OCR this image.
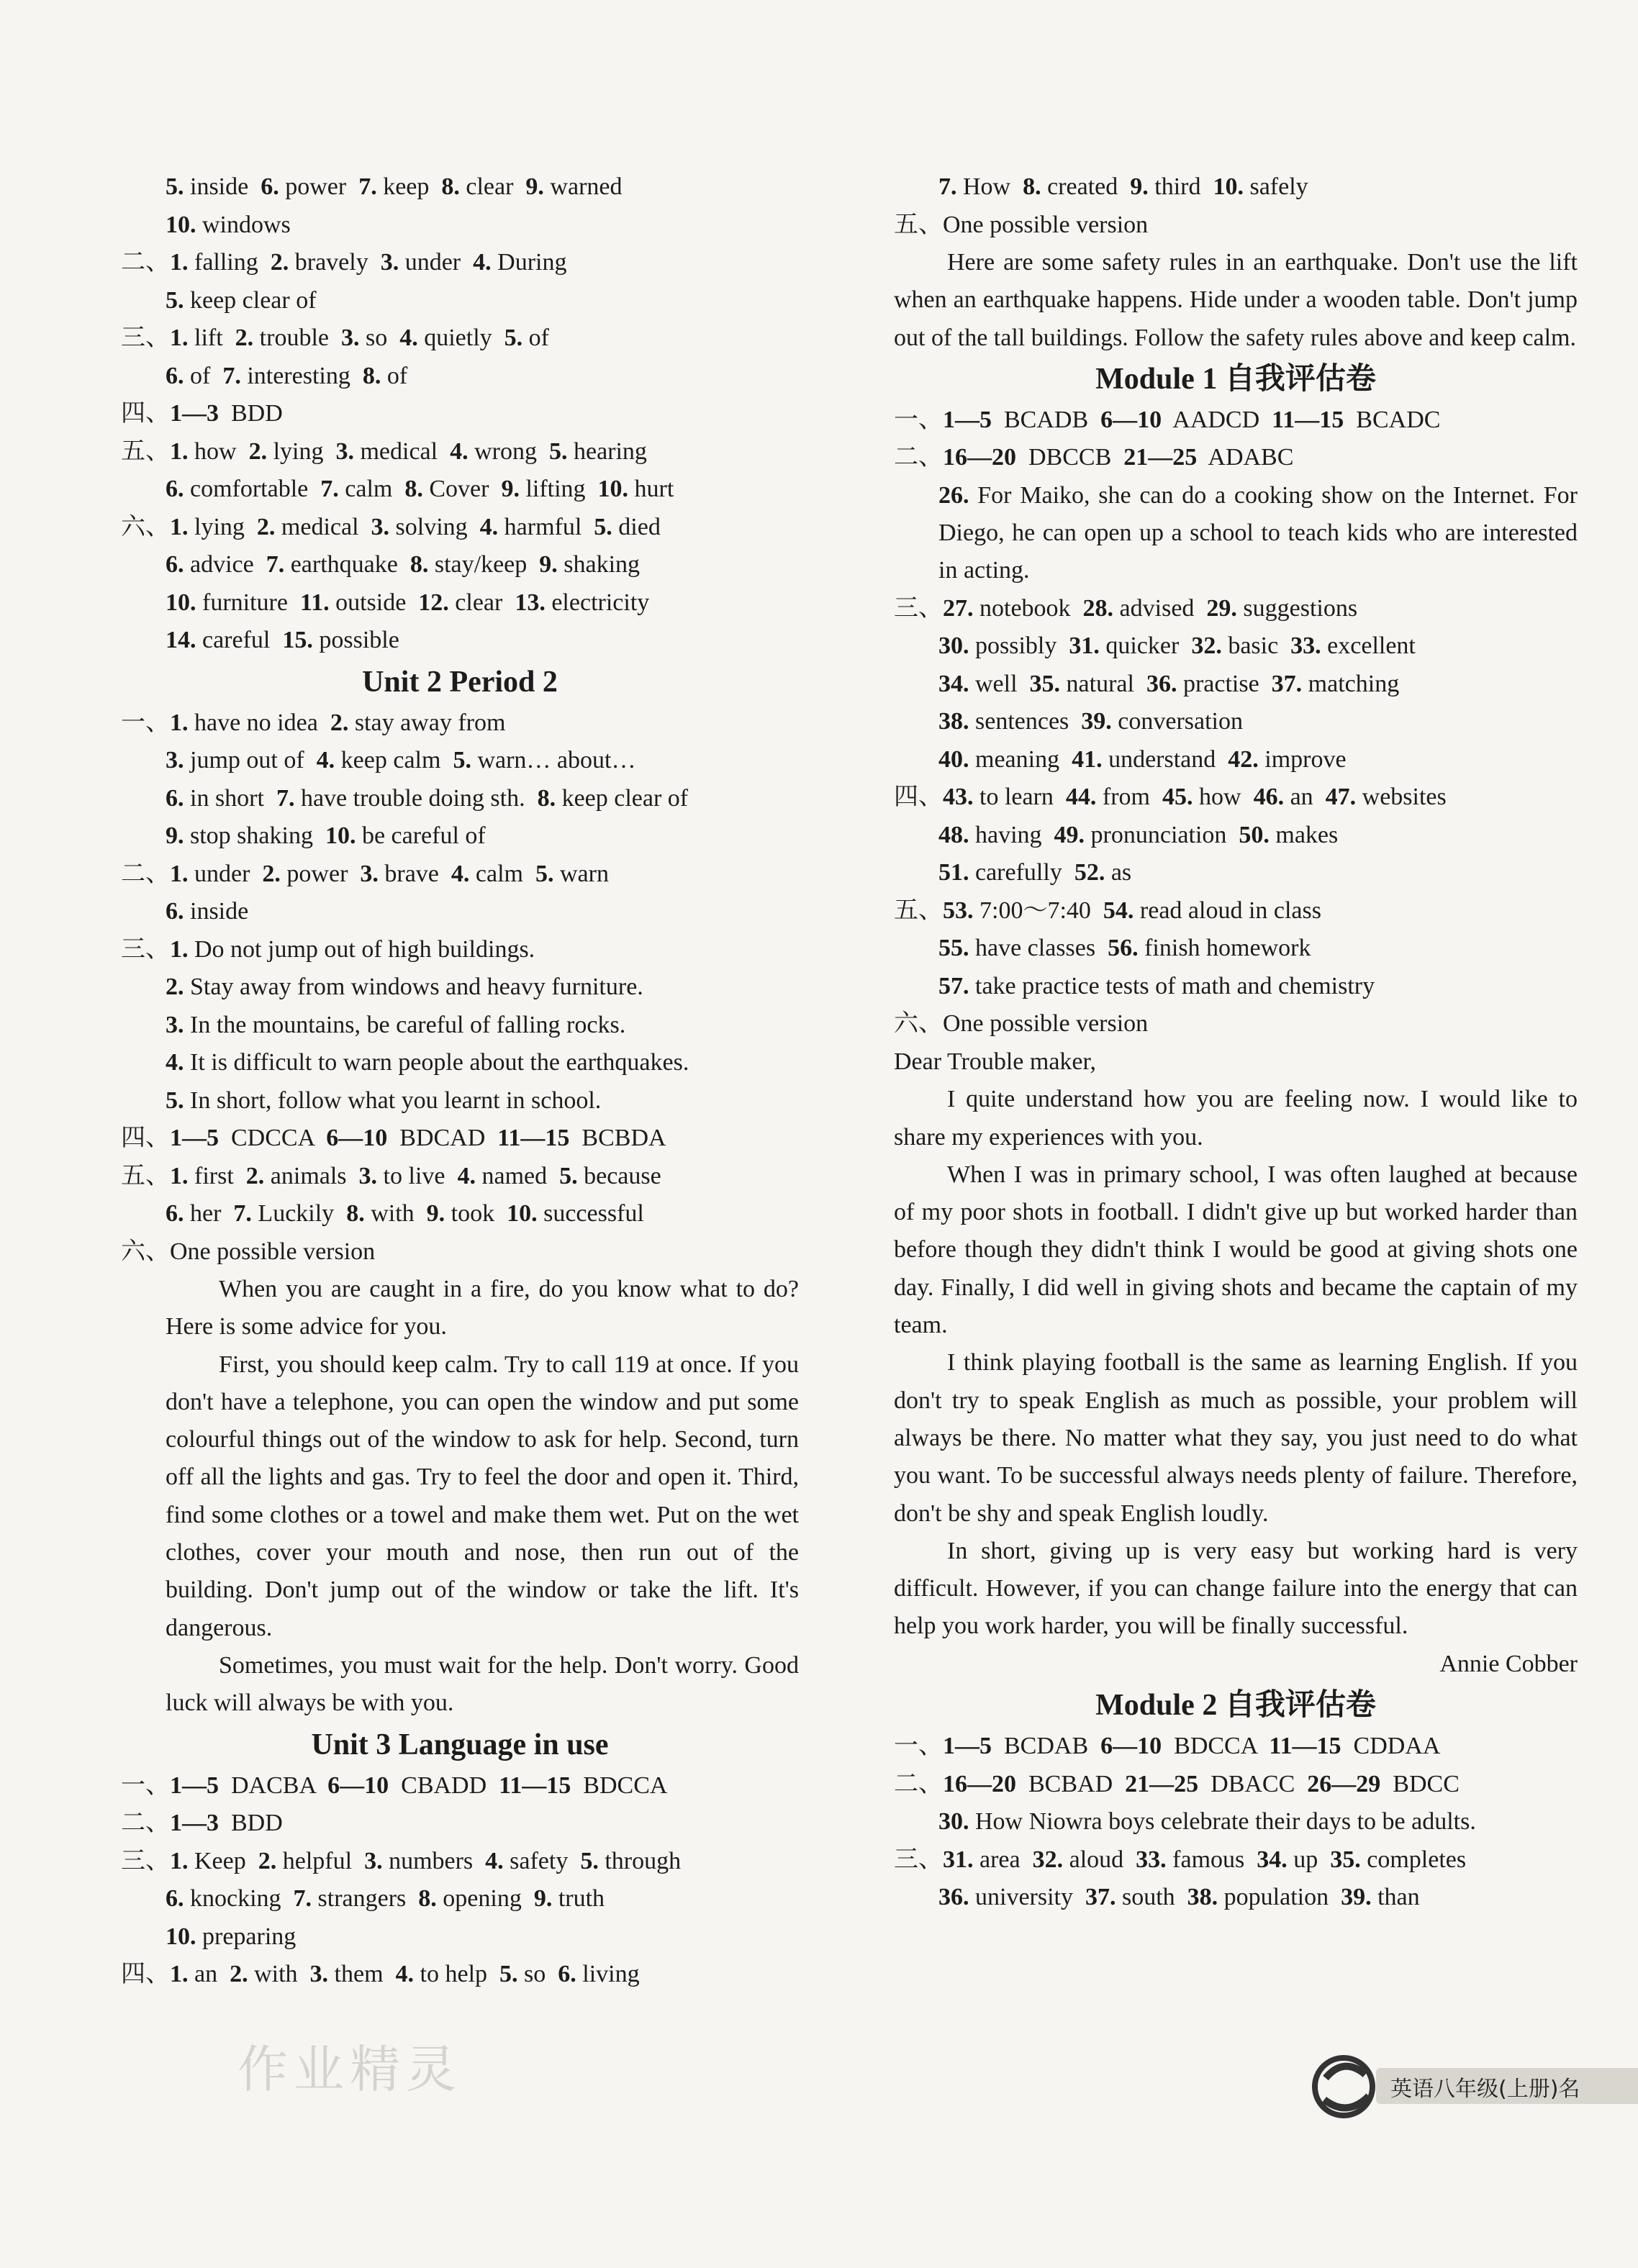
5. inside  6. power  7. keep  8. clear  9. warned
10. windows
二、1. falling  2. bravely  3. under  4. During
5. keep clear of
三、1. lift  2. trouble  3. so  4. quietly  5. of
6. of  7. interesting  8. of
四、1—3  BDD
五、1. how  2. lying  3. medical  4. wrong  5. hearing
6. comfortable  7. calm  8. Cover  9. lifting  10. hurt
六、1. lying  2. medical  3. solving  4. harmful  5. died
6. advice  7. earthquake  8. stay/keep  9. shaking
10. furniture  11. outside  12. clear  13. electricity
14. careful  15. possible
Unit 2 Period 2
一、1. have no idea  2. stay away from
3. jump out of  4. keep calm  5. warn… about…
6. in short  7. have trouble doing sth.  8. keep clear of
9. stop shaking  10. be careful of
二、1. under  2. power  3. brave  4. calm  5. warn
6. inside
三、1. Do not jump out of high buildings.
2. Stay away from windows and heavy furniture.
3. In the mountains, be careful of falling rocks.
4. It is difficult to warn people about the earthquakes.
5. In short, follow what you learnt in school.
四、1—5  CDCCA  6—10  BDCAD  11—15  BCBDA
五、1. first  2. animals  3. to live  4. named  5. because
6. her  7. Luckily  8. with  9. took  10. successful
六、One possible version
When you are caught in a fire, do you know what to do? Here is some advice for you.
First, you should keep calm. Try to call 119 at once. If you don't have a telephone, you can open the window and put some colourful things out of the window to ask for help. Second, turn off all the lights and gas. Try to feel the door and open it. Third, find some clothes or a towel and make them wet. Put on the wet clothes, cover your mouth and nose, then run out of the building. Don't jump out of the window or take the lift. It's dangerous.
Sometimes, you must wait for the help. Don't worry. Good luck will always be with you.
Unit 3 Language in use
一、1—5  DACBA  6—10  CBADD  11—15  BDCCA
二、1—3  BDD
三、1. Keep  2. helpful  3. numbers  4. safety  5. through
6. knocking  7. strangers  8. opening  9. truth
10. preparing
四、1. an  2. with  3. them  4. to help  5. so  6. living
7. How  8. created  9. third  10. safely
五、One possible version
Here are some safety rules in an earthquake. Don't use the lift when an earthquake happens. Hide under a wooden table. Don't jump out of the tall buildings. Follow the safety rules above and keep calm.
Module 1 自我评估卷
一、1—5  BCADB  6—10  AADCD  11—15  BCADC
二、16—20  DBCCB  21—25  ADABC
26. For Maiko, she can do a cooking show on the Internet. For Diego, he can open up a school to teach kids who are interested in acting.
三、27. notebook  28. advised  29. suggestions
30. possibly  31. quicker  32. basic  33. excellent
34. well  35. natural  36. practise  37. matching
38. sentences  39. conversation
40. meaning  41. understand  42. improve
四、43. to learn  44. from  45. how  46. an  47. websites
48. having  49. pronunciation  50. makes
51. carefully  52. as
五、53. 7:00～7:40  54. read aloud in class
55. have classes  56. finish homework
57. take practice tests of math and chemistry
六、One possible version
Dear Trouble maker,
I quite understand how you are feeling now. I would like to share my experiences with you.
When I was in primary school, I was often laughed at because of my poor shots in football. I didn't give up but worked harder than before though they didn't think I would be good at giving shots one day. Finally, I did well in giving shots and became the captain of my team.
I think playing football is the same as learning English. If you don't try to speak English as much as possible, your problem will always be there. No matter what they say, you just need to do what you want. To be successful always needs plenty of failure. Therefore, don't be shy and speak English loudly.
In short, giving up is very easy but working hard is very difficult. However, if you can change failure into the energy that can help you work harder, you will be finally successful.
Annie Cobber
Module 2 自我评估卷
一、1—5  BCDAB  6—10  BDCCA  11—15  CDDAA
二、16—20  BCBAD  21—25  DBACC  26—29  BDCC
30. How Niowra boys celebrate their days to be adults.
三、31. area  32. aloud  33. famous  34. up  35. completes
36. university  37. south  38. population  39. than
作业精灵	英语八年级(上册)名
